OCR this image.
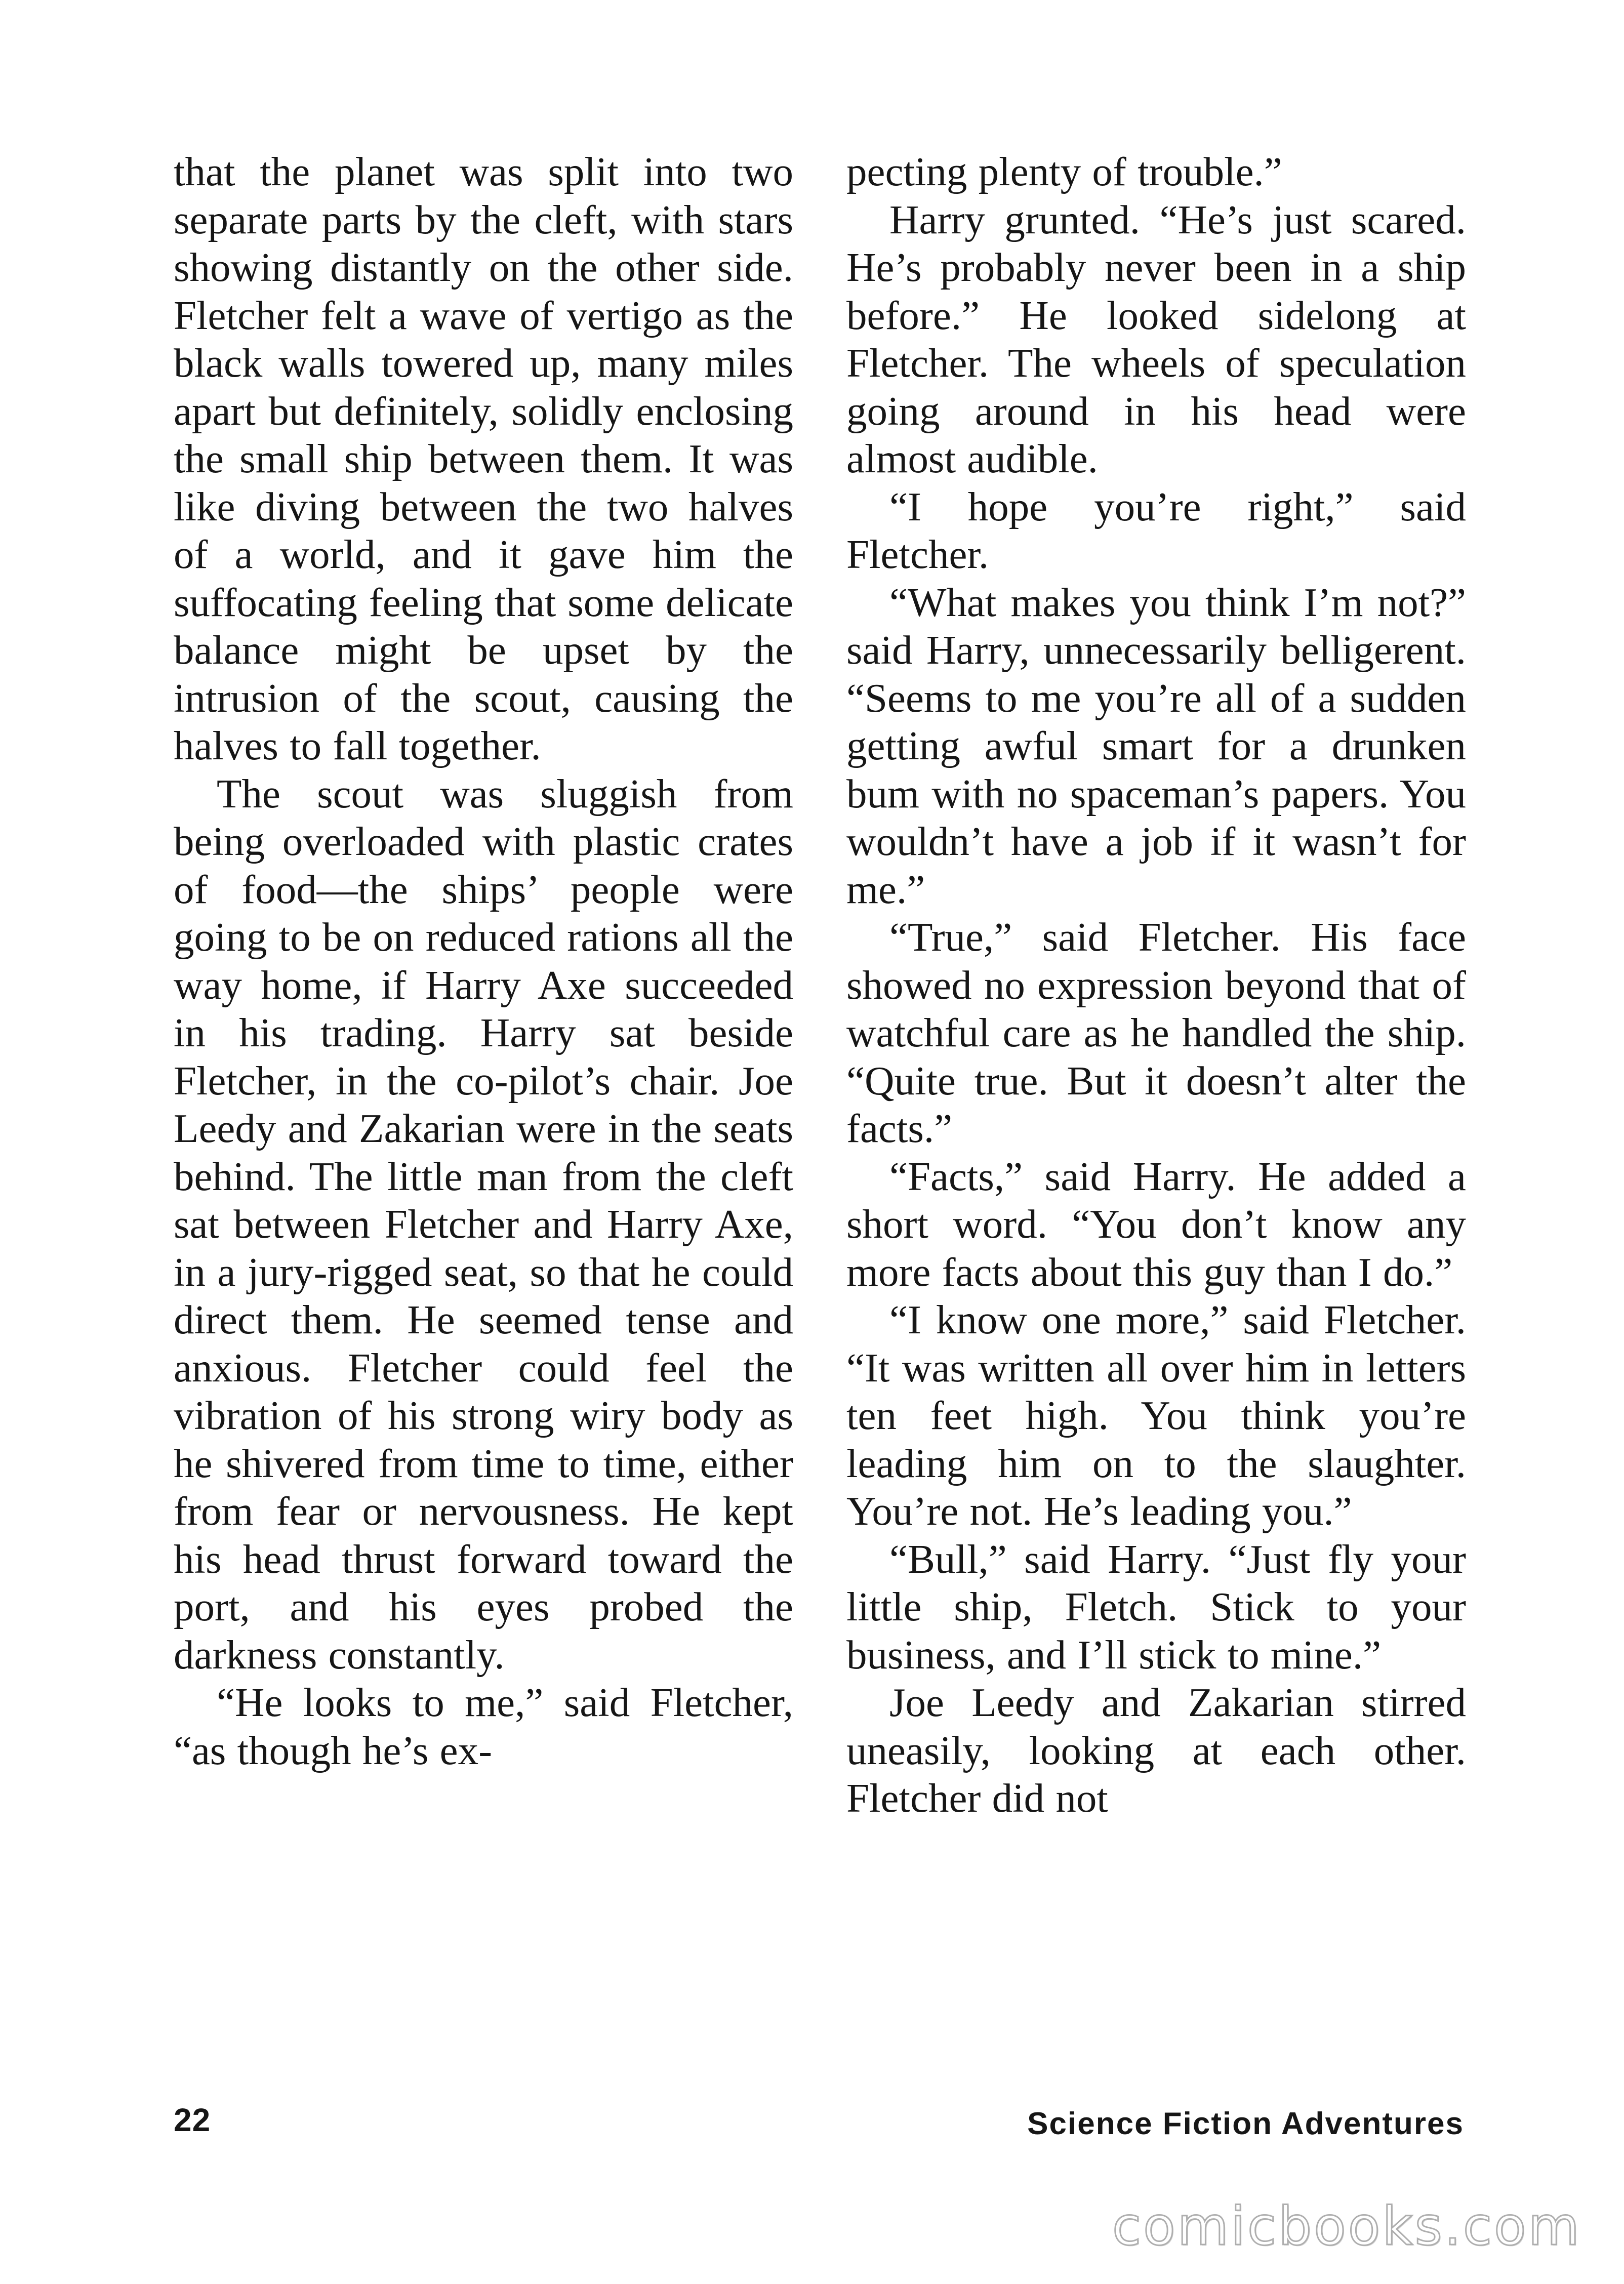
that the planet was split into two separate parts by the cleft, with stars showing distantly on the other side. Fletcher felt a wave of vertigo as the black walls towered up, many miles apart but definitely, solidly enclosing the small ship between them. It was like diving between the two halves of a world, and it gave him the suffocating feeling that some delicate balance might be upset by the intrusion of the scout, causing the halves to fall together.

The scout was sluggish from being overloaded with plastic crates of food—the ships’ people were going to be on reduced rations all the way home, if Harry Axe succeeded in his trading. Harry sat beside Fletcher, in the co-pilot’s chair. Joe Leedy and Zakarian were in the seats behind. The little man from the cleft sat between Fletcher and Harry Axe, in a jury-rigged seat, so that he could direct them. He seemed tense and anxious. Fletcher could feel the vibration of his strong wiry body as he shivered from time to time, either from fear or nervousness. He kept his head thrust forward toward the port, and his eyes probed the darkness constantly.

“He looks to me,” said Fletcher, “as though he’s ex-

pecting plenty of trouble.”

Harry grunted. “He’s just scared. He’s probably never been in a ship before.” He looked sidelong at Fletcher. The wheels of speculation going around in his head were almost audible.

“I hope you’re right,” said Fletcher.

“What makes you think I’m not?” said Harry, unnecessarily belligerent. “Seems to me you’re all of a sudden getting awful smart for a drunken bum with no spaceman’s papers. You wouldn’t have a job if it wasn’t for me.”

“True,” said Fletcher. His face showed no expression beyond that of watchful care as he handled the ship. “Quite true. But it doesn’t alter the facts.”

“Facts,” said Harry. He added a short word. “You don’t know any more facts about this guy than I do.”

“I know one more,” said Fletcher. “It was written all over him in letters ten feet high. You think you’re leading him on to the slaughter. You’re not. He’s leading you.”

“Bull,” said Harry. “Just fly your little ship, Fletch. Stick to your business, and I’ll stick to mine.”

Joe Leedy and Zakarian stirred uneasily, looking at each other. Fletcher did not

22	Science Fiction Adventures
comicbooks.com
